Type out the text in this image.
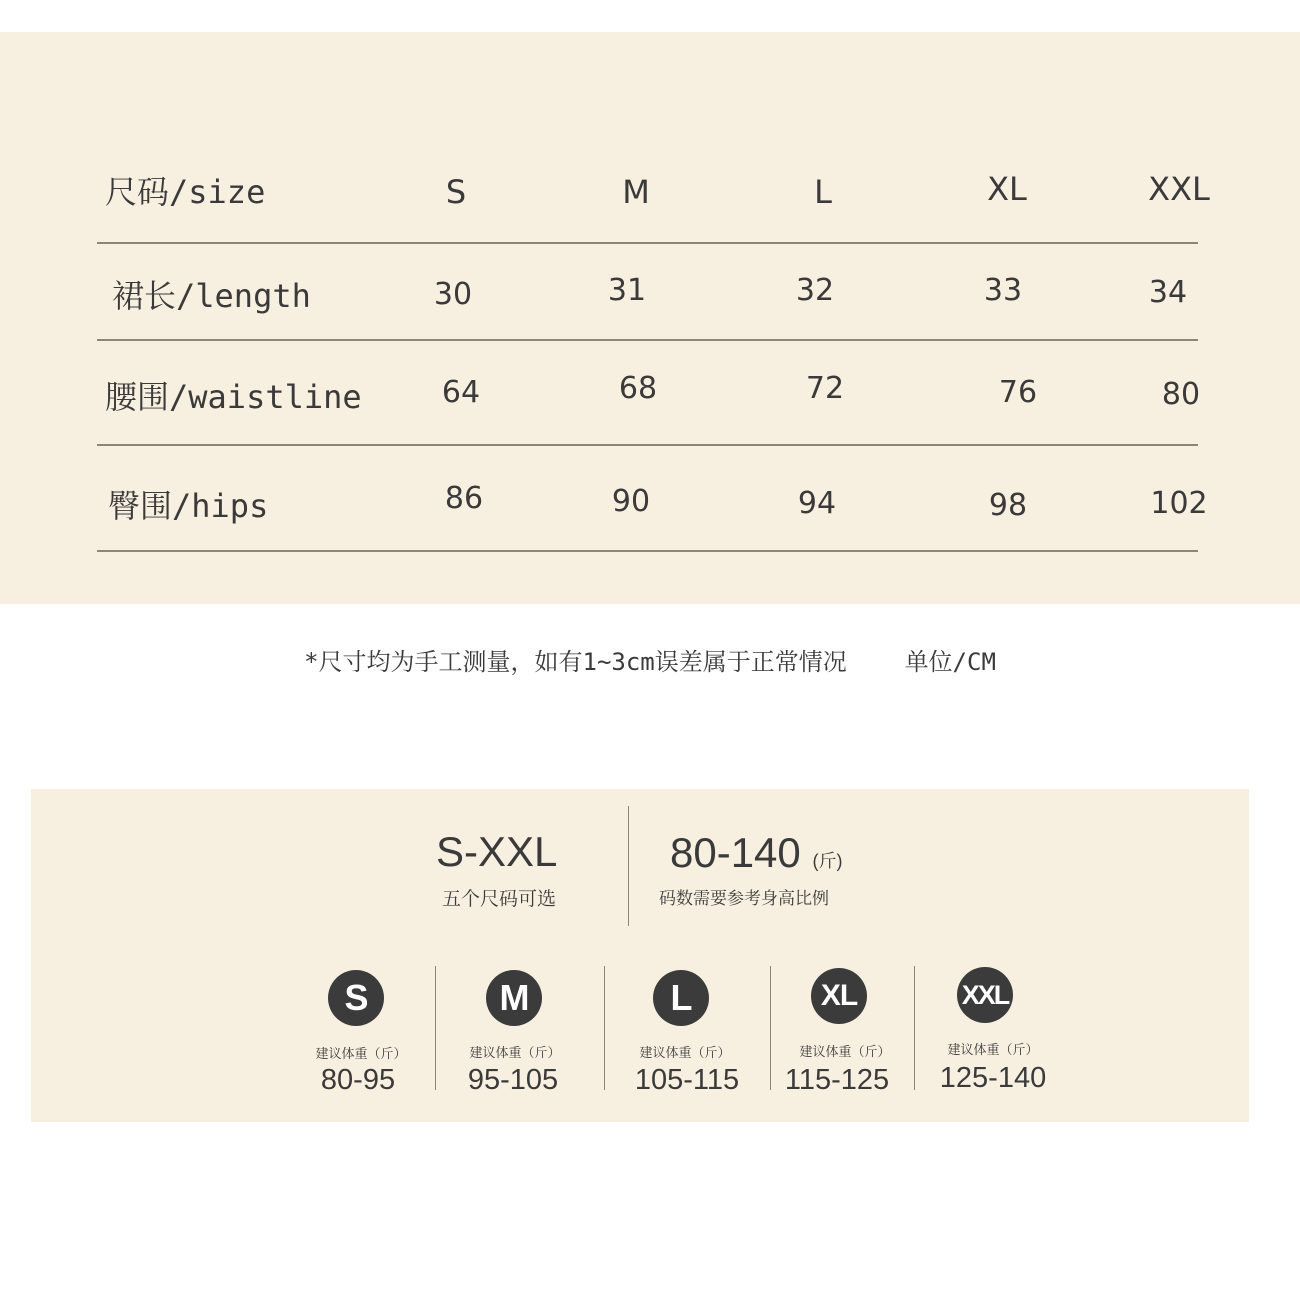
尺码/size	S	M	L	XL	XXL
裙长/length	30	31	32	33	34
腰围/waistline	64	68	72	76	80
臀围/hips	86	90	94	98	102
*尺寸均为手工测量，如有1~3cm误差属于正常情况 单位/CM
S-XXL
五个尺码可选
80-140 (斤)
码数需要参考身高比例
S	M	L	XL	XXL
建议体重（斤）	建议体重（斤）	建议体重（斤）	建议体重（斤）	建议体重（斤）
80-95	95-105	105-115	115-125	125-140
